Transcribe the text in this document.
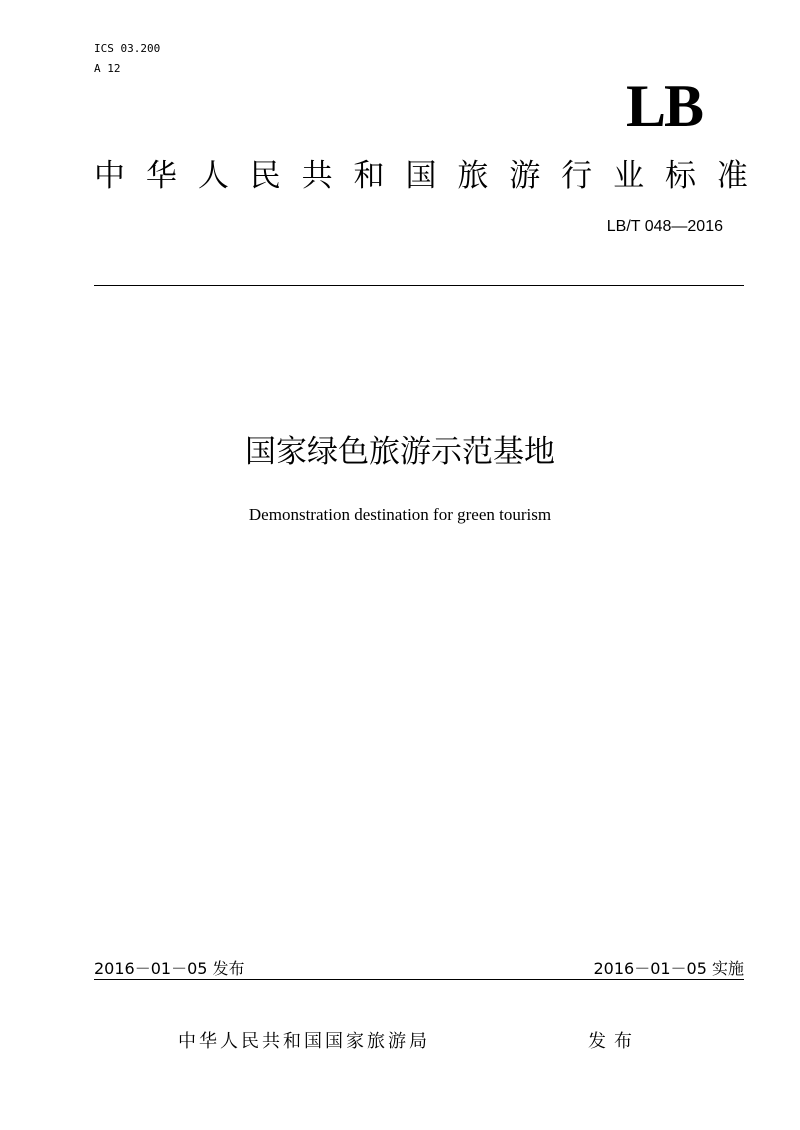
ICS 03.200
A 12
LB
中 华 人 民 共 和 国 旅 游 行 业 标 准
LB/T 048—2016
国家绿色旅游示范基地
Demonstration destination for green tourism
2016－01－05 发布	2016－01－05 实施
中华人民共和国国家旅游局	发布
